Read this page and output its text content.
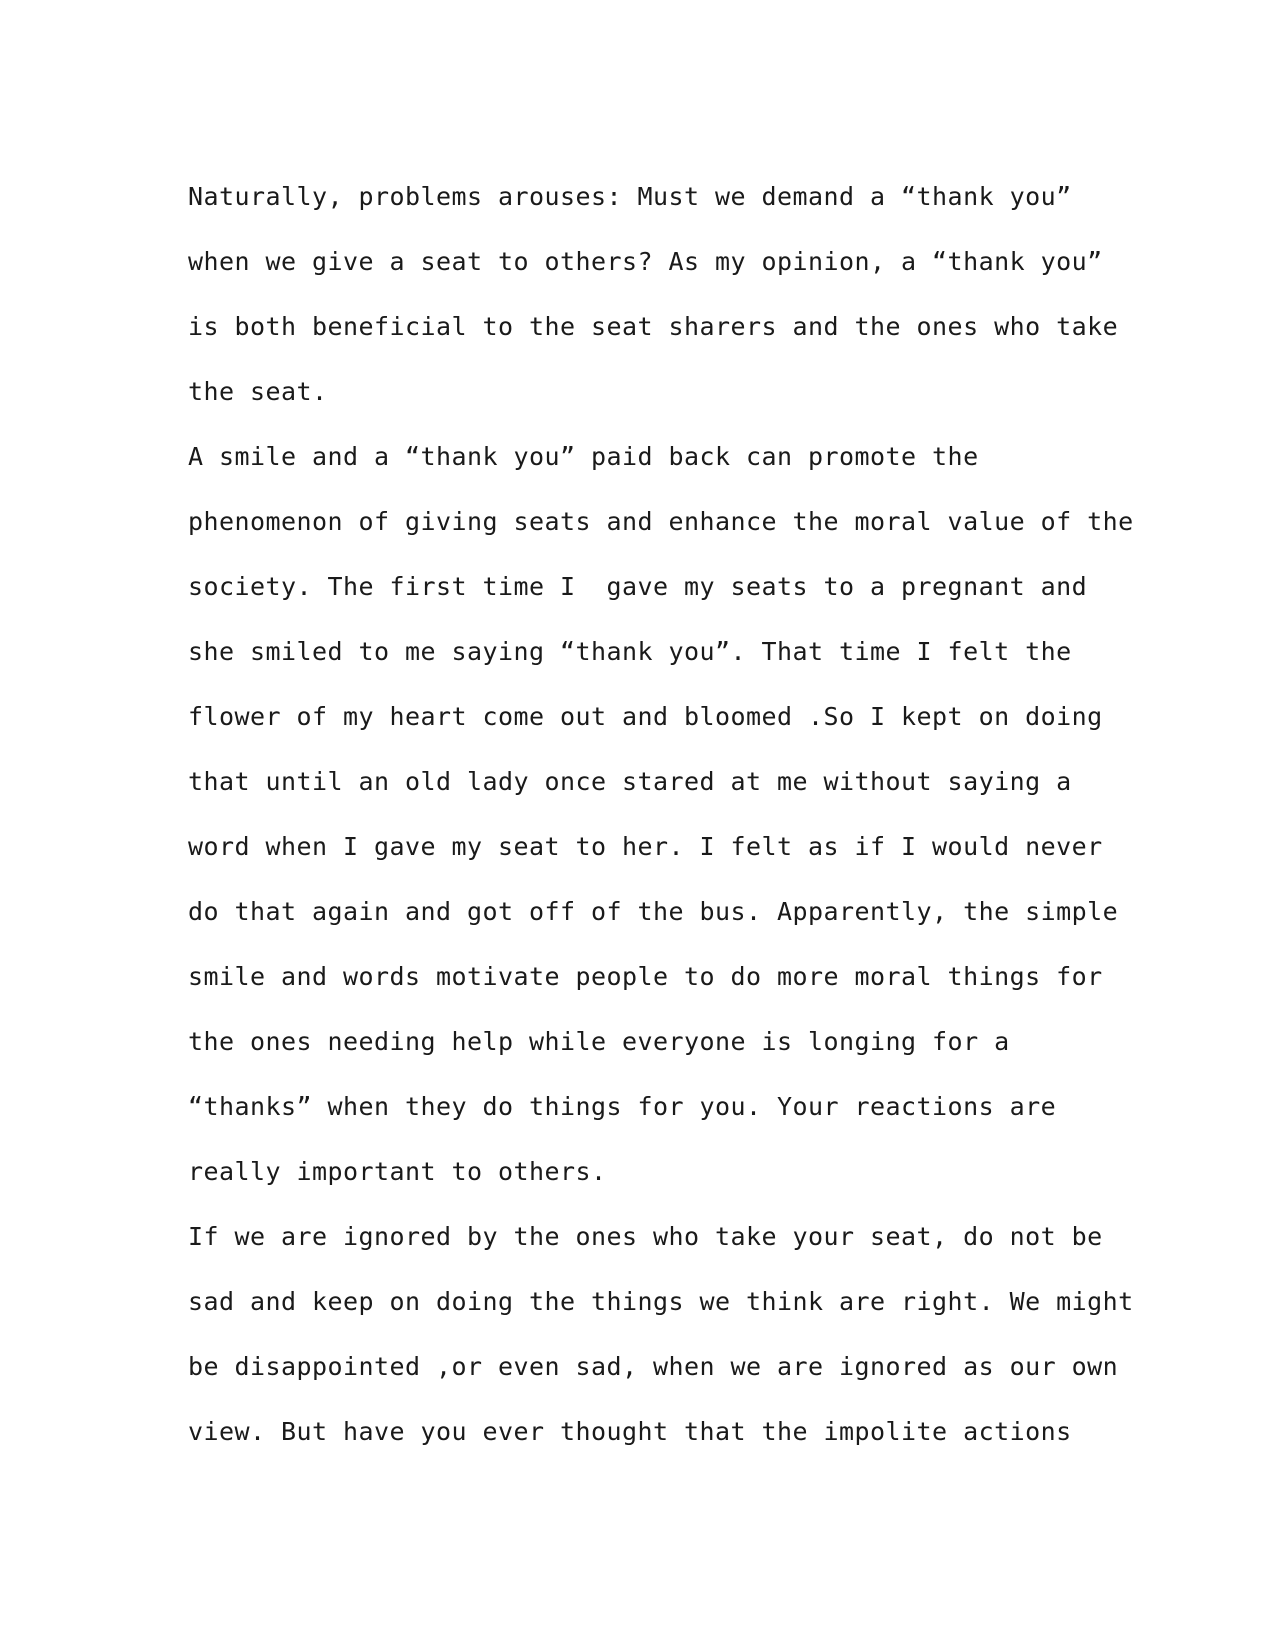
Naturally, problems arouses: Must we demand a “thank you”
when we give a seat to others? As my opinion, a “thank you”
is both beneficial to the seat sharers and the ones who take
the seat.
A smile and a “thank you” paid back can promote the
phenomenon of giving seats and enhance the moral value of the
society. The first time I  gave my seats to a pregnant and
she smiled to me saying “thank you”. That time I felt the
flower of my heart come out and bloomed .So I kept on doing
that until an old lady once stared at me without saying a
word when I gave my seat to her. I felt as if I would never
do that again and got off of the bus. Apparently, the simple
smile and words motivate people to do more moral things for
the ones needing help while everyone is longing for a
“thanks” when they do things for you. Your reactions are
really important to others.
If we are ignored by the ones who take your seat, do not be
sad and keep on doing the things we think are right. We might
be disappointed ,or even sad, when we are ignored as our own
view. But have you ever thought that the impolite actions
